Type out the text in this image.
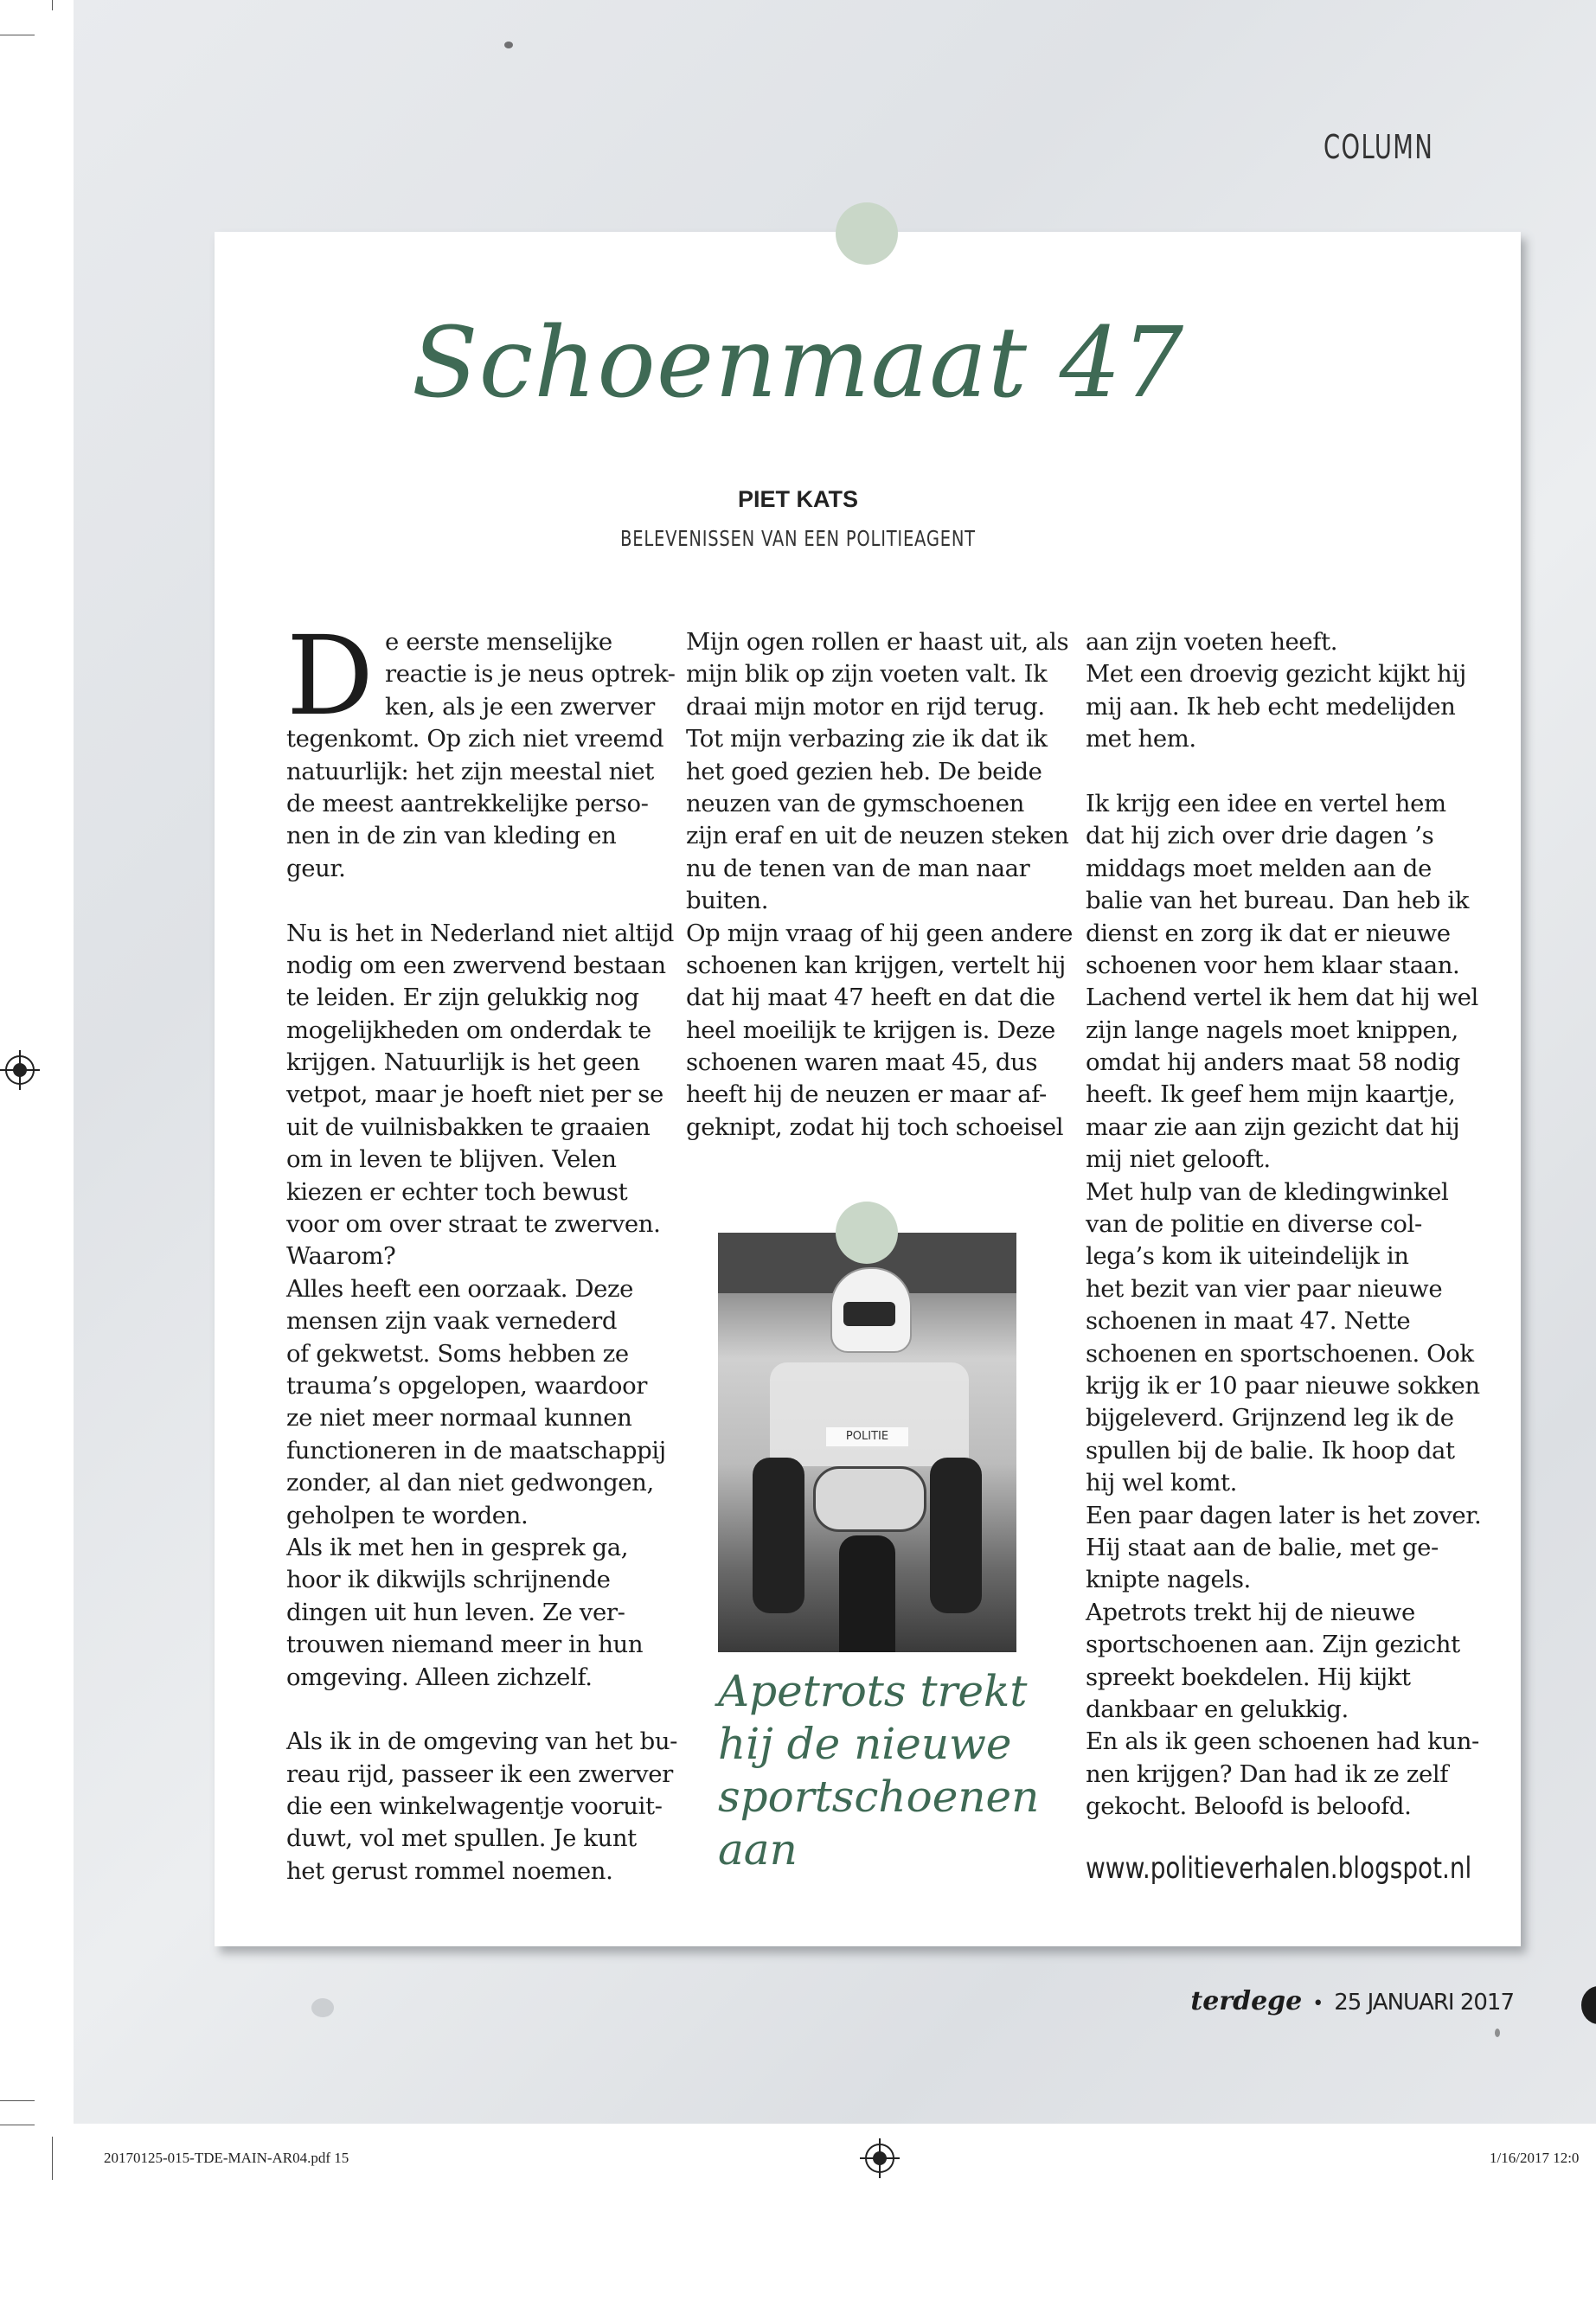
COLUMN
Schoenmaat 47
PIET KATS
BELEVENISSEN VAN EEN POLITIEAGENT
D e eerste menselijke
reactie is je neus optrek-
ken, als je een zwerver
tegenkomt. Op zich niet vreemd
natuurlijk: het zijn meestal niet
de meest aantrekkelijke perso-
nen in de zin van kleding en
geur.
Nu is het in Nederland niet altijd
nodig om een zwervend bestaan
te leiden. Er zijn gelukkig nog
mogelijkheden om onderdak te
krijgen. Natuurlijk is het geen
vetpot, maar je hoeft niet per se
uit de vuilnisbakken te graaien
om in leven te blijven. Velen
kiezen er echter toch bewust
voor om over straat te zwerven.
Waarom?
Alles heeft een oorzaak. Deze
mensen zijn vaak vernederd
of gekwetst. Soms hebben ze
trauma’s opgelopen, waardoor
ze niet meer normaal kunnen
functioneren in de maatschappij
zonder, al dan niet gedwongen,
geholpen te worden.
Als ik met hen in gesprek ga,
hoor ik dikwijls schrijnende
dingen uit hun leven. Ze ver-
trouwen niemand meer in hun
omgeving. Alleen zichzelf.
Als ik in de omgeving van het bu-
reau rijd, passeer ik een zwerver
die een winkelwagentje vooruit-
duwt, vol met spullen. Je kunt
het gerust rommel noemen.
Mijn ogen rollen er haast uit, als
mijn blik op zijn voeten valt. Ik
draai mijn motor en rijd terug.
Tot mijn verbazing zie ik dat ik
het goed gezien heb. De beide
neuzen van de gymschoenen
zijn eraf en uit de neuzen steken
nu de tenen van de man naar
buiten.
Op mijn vraag of hij geen andere
schoenen kan krijgen, vertelt hij
dat hij maat 47 heeft en dat die
heel moeilijk te krijgen is. Deze
schoenen waren maat 45, dus
heeft hij de neuzen er maar af-
geknipt, zodat hij toch schoeisel
aan zijn voeten heeft.
Met een droevig gezicht kijkt hij
mij aan. Ik heb echt medelijden
met hem.
Ik krijg een idee en vertel hem
dat hij zich over drie dagen ’s
middags moet melden aan de
balie van het bureau. Dan heb ik
dienst en zorg ik dat er nieuwe
schoenen voor hem klaar staan.
Lachend vertel ik hem dat hij wel
zijn lange nagels moet knippen,
omdat hij anders maat 58 nodig
heeft. Ik geef hem mijn kaartje,
maar zie aan zijn gezicht dat hij
mij niet gelooft.
Met hulp van de kledingwinkel
van de politie en diverse col-
lega’s kom ik uiteindelijk in
het bezit van vier paar nieuwe
schoenen in maat 47. Nette
schoenen en sportschoenen. Ook
krijg ik er 10 paar nieuwe sokken
bijgeleverd. Grijnzend leg ik de
spullen bij de balie. Ik hoop dat
hij wel komt.
Een paar dagen later is het zover.
Hij staat aan de balie, met ge-
knipte nagels.
Apetrots trekt hij de nieuwe
sportschoenen aan. Zijn gezicht
spreekt boekdelen. Hij kijkt
dankbaar en gelukkig.
En als ik geen schoenen had kun-
nen krijgen? Dan had ik ze zelf
gekocht. Beloofd is beloofd.
POLITIE
Apetrots trekt
hij de nieuwe
sportschoenen
aan	www.politieverhalen.blogspot.nl
terdege • 25 JANUARI 2017
20170125-015-TDE-MAIN-AR04.pdf 15	1/16/2017 12:0
